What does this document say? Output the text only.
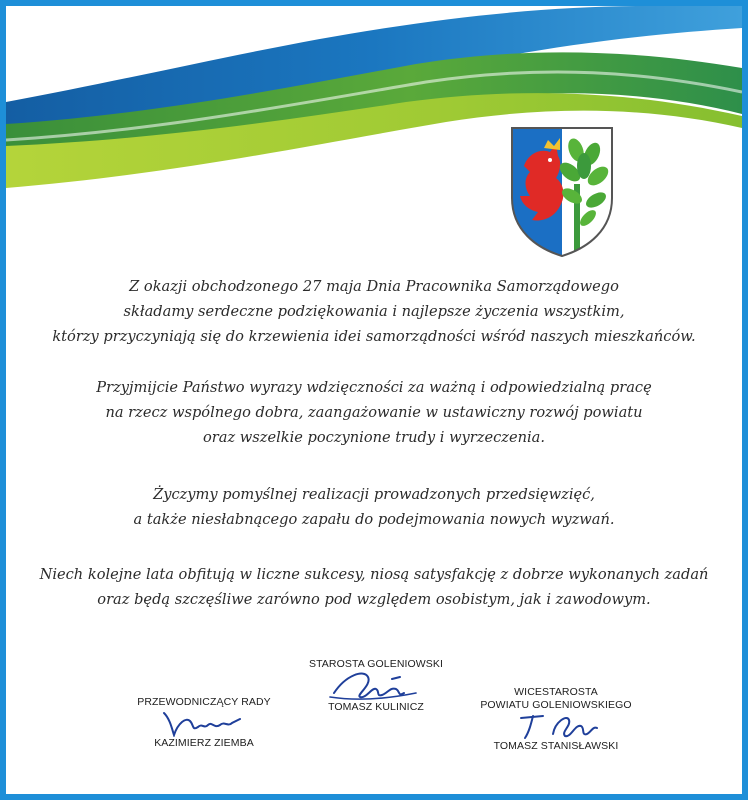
Z okazji obchodzonego 27 maja Dnia Pracownika Samorządowego
składamy serdeczne podziękowania i najlepsze życzenia wszystkim,
którzy przyczyniają się do krzewienia idei samorządności wśród naszych mieszkańców.
Przyjmijcie Państwo wyrazy wdzięczności za ważną i odpowiedzialną pracę
na rzecz wspólnego dobra, zaangażowanie w ustawiczny rozwój powiatu
oraz wszelkie poczynione trudy i wyrzeczenia.
Życzymy pomyślnej realizacji prowadzonych przedsięwzięć,
a także niesłabnącego zapału do podejmowania nowych wyzwań.
Niech kolejne lata obfitują w liczne sukcesy, niosą satysfakcję z dobrze wykonanych zadań
oraz będą szczęśliwe zarówno pod względem osobistym, jak i zawodowym.
STAROSTA GOLENIOWSKI
TOMASZ KULINICZ
PRZEWODNICZĄCY RADY
KAZIMIERZ ZIEMBA
WICESTAROSTA
POWIATU GOLENIOWSKIEGO
TOMASZ STANISŁAWSKI
